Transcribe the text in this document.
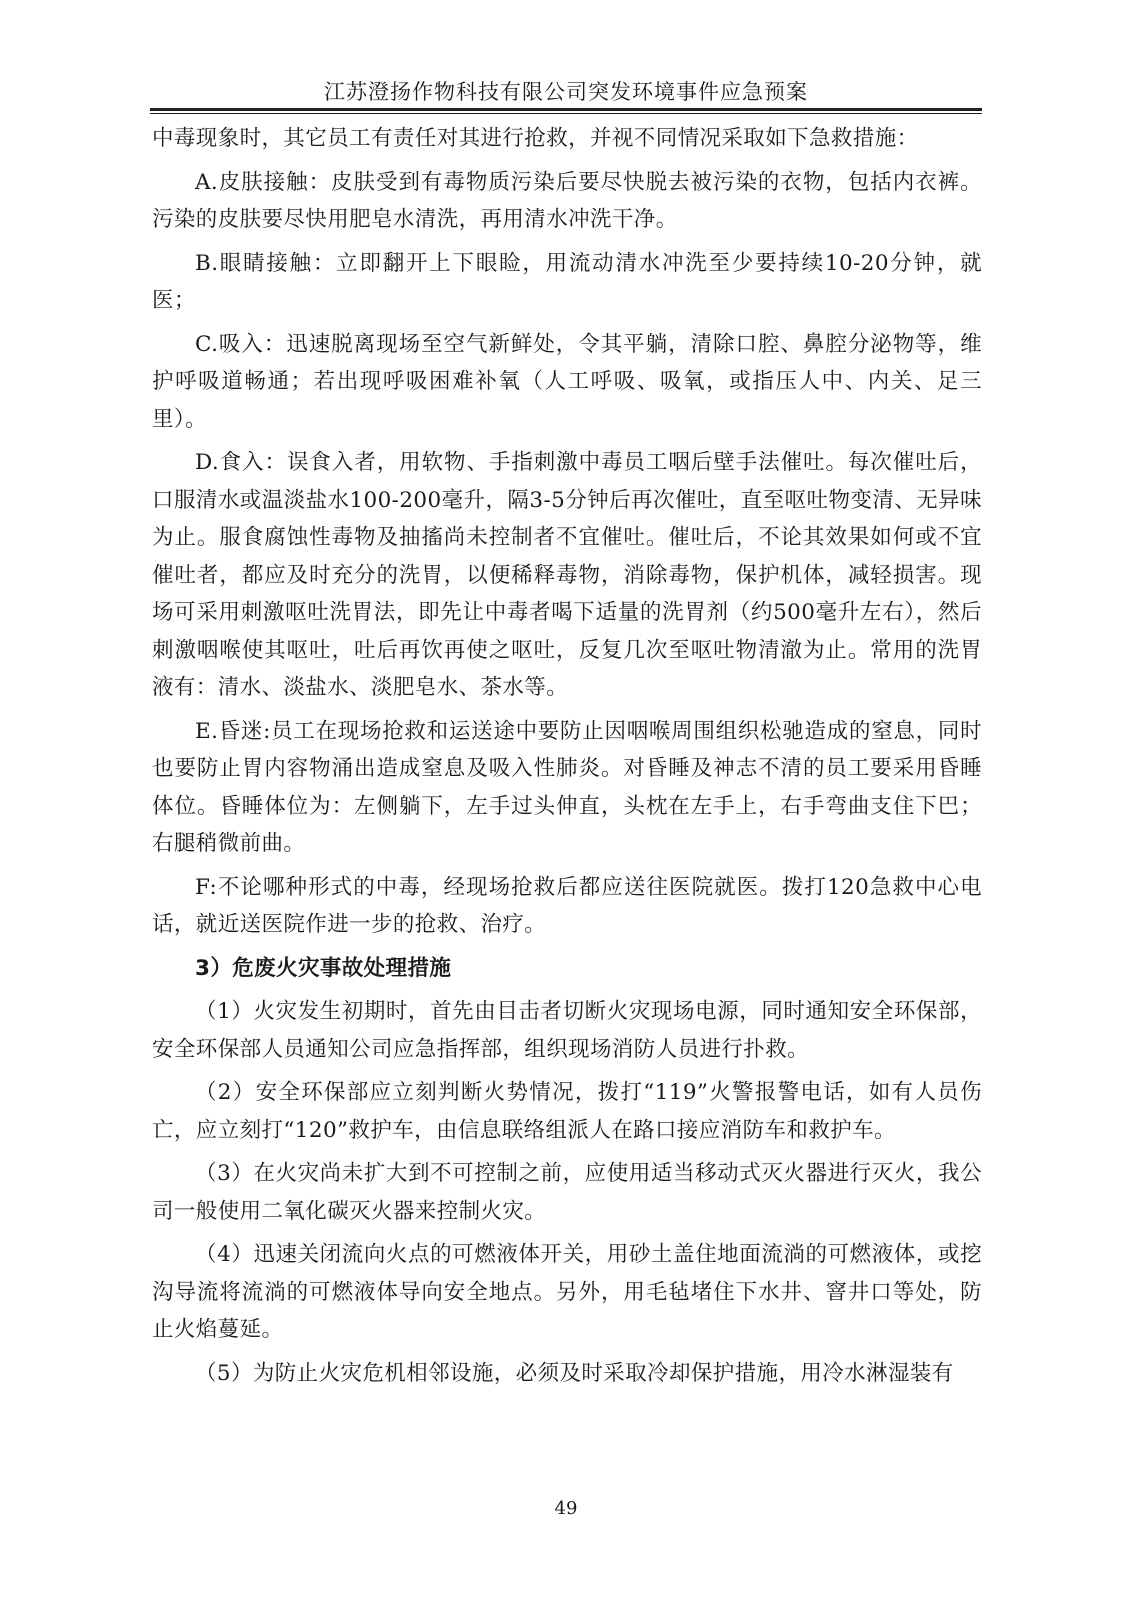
江苏澄扬作物科技有限公司突发环境事件应急预案

中毒现象时，其它员工有责任对其进行抢救，并视不同情况采取如下急救措施：

A.皮肤接触：皮肤受到有毒物质污染后要尽快脱去被污染的衣物，包括内衣裤。污染的皮肤要尽快用肥皂水清洗，再用清水冲洗干净。

B.眼睛接触：立即翻开上下眼睑，用流动清水冲洗至少要持续10-20分钟，就医；

C.吸入：迅速脱离现场至空气新鲜处，令其平躺，清除口腔、鼻腔分泌物等，维护呼吸道畅通；若出现呼吸困难补氧（人工呼吸、吸氧，或指压人中、内关、足三里）。

D.食入：误食入者，用软物、手指刺激中毒员工咽后壁手法催吐。每次催吐后，口服清水或温淡盐水100-200毫升，隔3-5分钟后再次催吐，直至呕吐物变清、无异味为止。服食腐蚀性毒物及抽搐尚未控制者不宜催吐。催吐后，不论其效果如何或不宜催吐者，都应及时充分的洗胃，以便稀释毒物，消除毒物，保护机体，减轻损害。现场可采用刺激呕吐洗胃法，即先让中毒者喝下适量的洗胃剂（约500毫升左右），然后刺激咽喉使其呕吐，吐后再饮再使之呕吐，反复几次至呕吐物清澈为止。常用的洗胃液有：清水、淡盐水、淡肥皂水、茶水等。

E.昏迷:员工在现场抢救和运送途中要防止因咽喉周围组织松驰造成的窒息，同时也要防止胃内容物涌出造成窒息及吸入性肺炎。对昏睡及神志不清的员工要采用昏睡体位。昏睡体位为：左侧躺下，左手过头伸直，头枕在左手上，右手弯曲支住下巴；右腿稍微前曲。

F:不论哪种形式的中毒，经现场抢救后都应送往医院就医。拨打120急救中心电话，就近送医院作进一步的抢救、治疗。

3）危废火灾事故处理措施

（1）火灾发生初期时，首先由目击者切断火灾现场电源，同时通知安全环保部，安全环保部人员通知公司应急指挥部，组织现场消防人员进行扑救。

（2）安全环保部应立刻判断火势情况，拨打“119”火警报警电话，如有人员伤亡，应立刻打“120”救护车，由信息联络组派人在路口接应消防车和救护车。

（3）在火灾尚未扩大到不可控制之前，应使用适当移动式灭火器进行灭火，我公司一般使用二氧化碳灭火器来控制火灾。

（4）迅速关闭流向火点的可燃液体开关，用砂土盖住地面流淌的可燃液体，或挖沟导流将流淌的可燃液体导向安全地点。另外，用毛毡堵住下水井、窨井口等处，防止火焰蔓延。

（5）为防止火灾危机相邻设施，必须及时采取冷却保护措施，用冷水淋湿装有

49
